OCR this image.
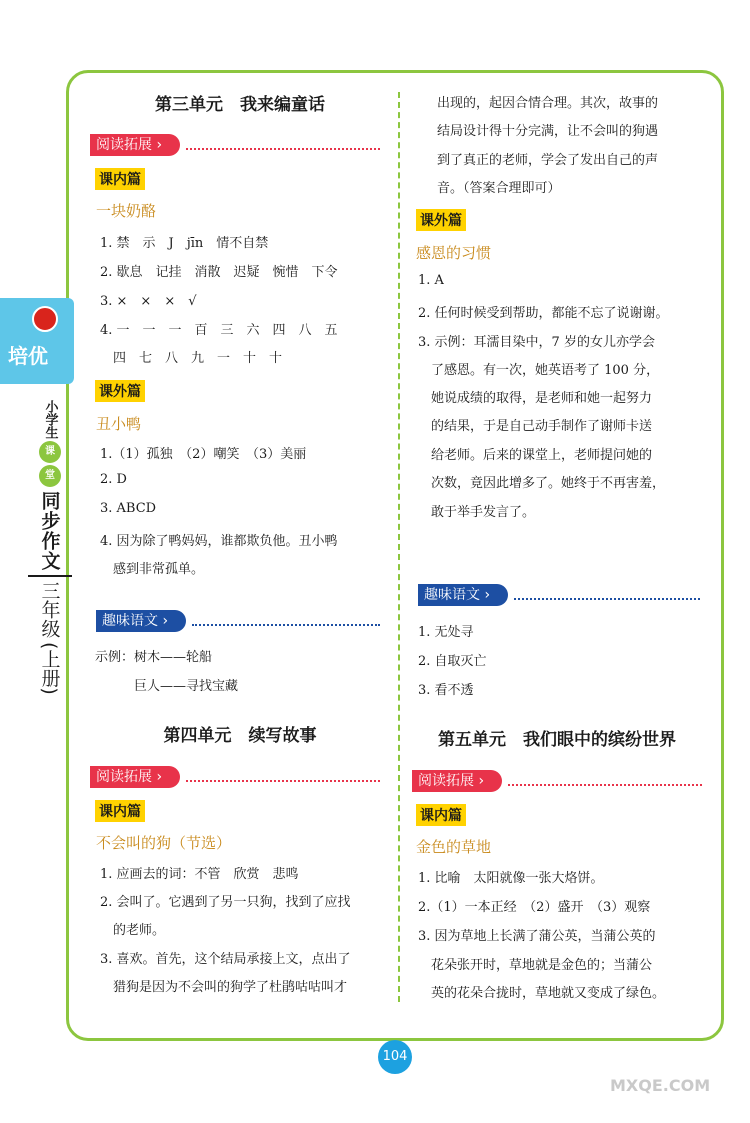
培优
小学生
课
堂
同步作文
三年级
(上册)
第三单元　我来编童话
阅读拓展 ›
课内篇
一块奶酪
1. 禁　示　J　jīn　情不自禁
2. 歇息　记挂　消散　迟疑　惋惜　下令
3. ×　×　×　√
4. 一　一　一　百　三　六　四　八　五
　四　七　八　九　一　十　十
课外篇
丑小鸭
1.（1）孤独　（2）嘲笑　（3）美丽
2. D
3. ABCD
4. 因为除了鸭妈妈，谁都欺负他。丑小鸭
　感到非常孤单。
趣味语文 ›
示例：树木——轮船
　　　巨人——寻找宝藏
第四单元　续写故事
阅读拓展 ›
课内篇
不会叫的狗（节选）
1. 应画去的词：不管　欣赏　悲鸣
2. 会叫了。它遇到了另一只狗，找到了应找
　的老师。
3. 喜欢。首先，这个结局承接上文，点出了
　猎狗是因为不会叫的狗学了杜鹃咕咕叫才
出现的，起因合情合理。其次，故事的
结局设计得十分完满，让不会叫的狗遇
到了真正的老师，学会了发出自己的声
音。（答案合理即可）
课外篇
感恩的习惯
1. A
2. 任何时候受到帮助，都能不忘了说谢谢。
3. 示例：耳濡目染中，7 岁的女儿亦学会
　了感恩。有一次，她英语考了 100 分，
　她说成绩的取得，是老师和她一起努力
　的结果，于是自己动手制作了谢师卡送
　给老师。后来的课堂上，老师提问她的
　次数，竟因此增多了。她终于不再害羞，
　敢于举手发言了。
趣味语文 ›
1. 无处寻
2. 自取灭亡
3. 看不透
第五单元　我们眼中的缤纷世界
阅读拓展 ›
课内篇
金色的草地
1. 比喻　太阳就像一张大烙饼。
2.（1）一本正经　（2）盛开　（3）观察
3. 因为草地上长满了蒲公英，当蒲公英的
　花朵张开时，草地就是金色的；当蒲公
　英的花朵合拢时，草地就又变成了绿色。
104
MXQE.COM
